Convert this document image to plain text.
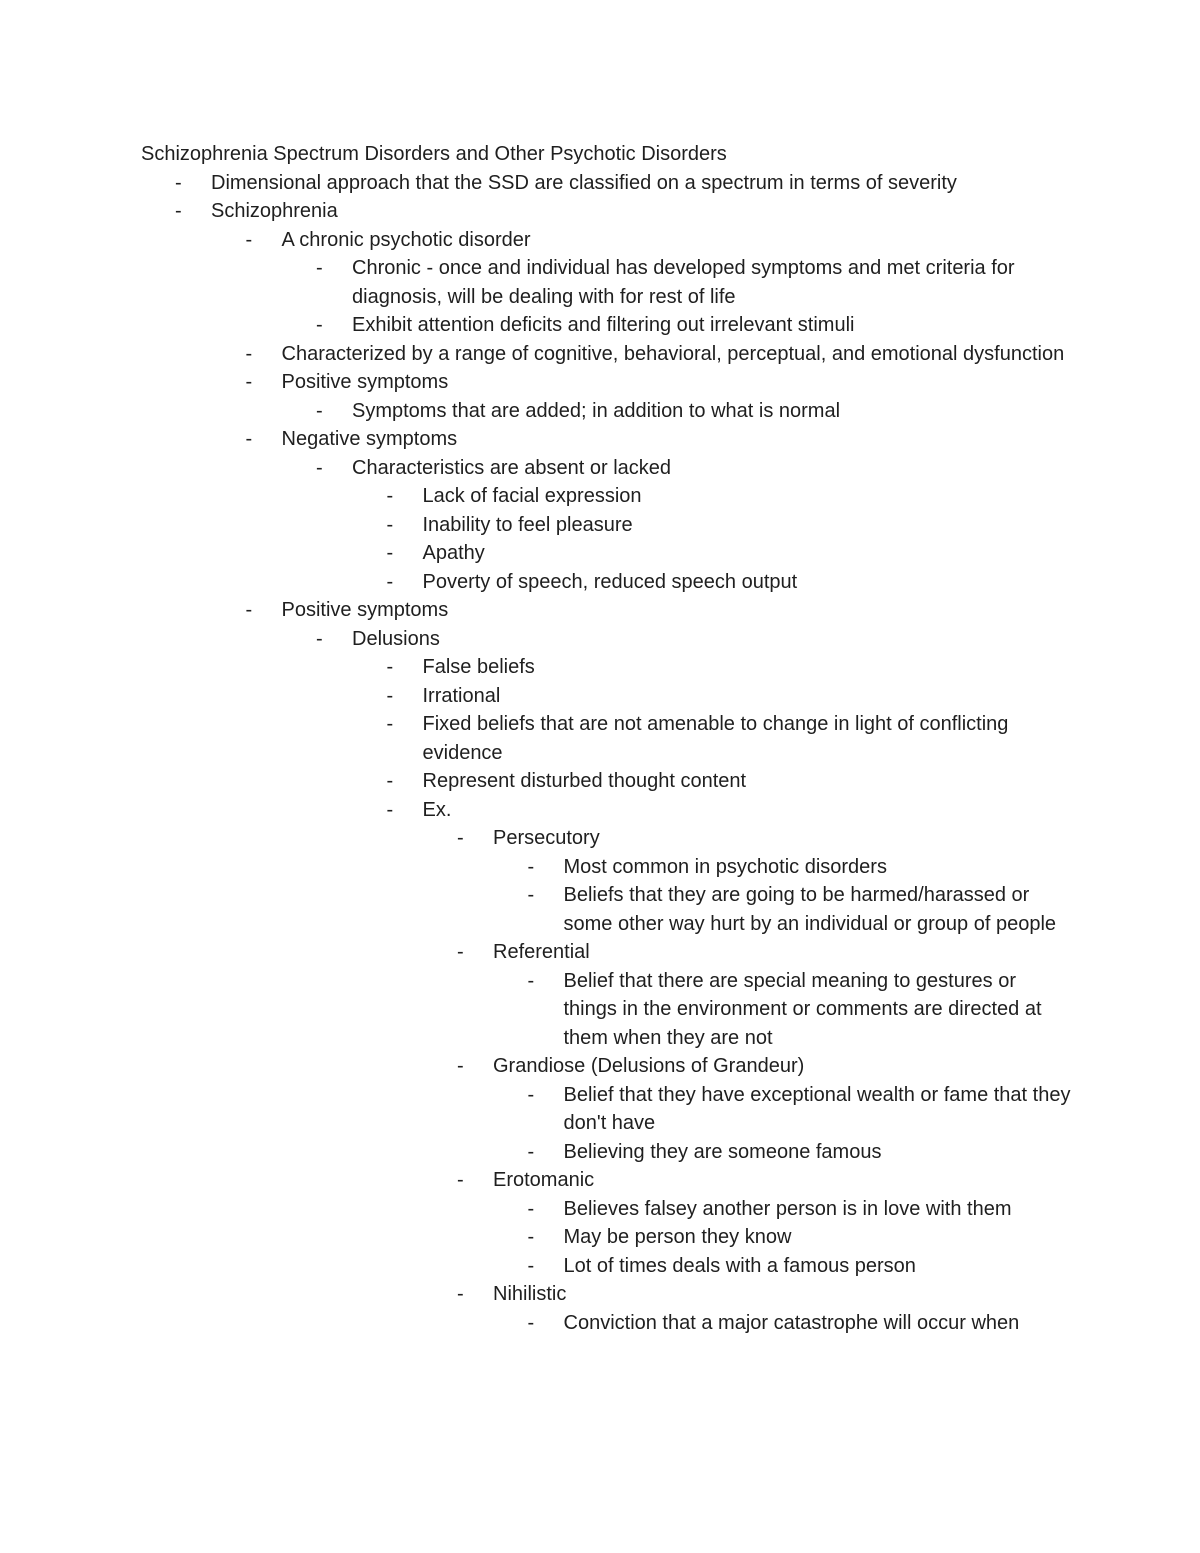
Schizophrenia Spectrum Disorders and Other Psychotic Disorders
-	Dimensional approach that the SSD are classified on a spectrum in terms of severity
-	Schizophrenia
-	A chronic psychotic disorder
-	Chronic - once and individual has developed symptoms and met criteria for diagnosis, will be dealing with for rest of life
-	Exhibit attention deficits and filtering out irrelevant stimuli
-	Characterized by a range of cognitive, behavioral, perceptual, and emotional dysfunction
-	Positive symptoms
-	Symptoms that are added; in addition to what is normal
-	Negative symptoms
-	Characteristics are absent or lacked
-	Lack of facial expression
-	Inability to feel pleasure
-	Apathy
-	Poverty of speech, reduced speech output
-	Positive symptoms
-	Delusions
-	False beliefs
-	Irrational
-	Fixed beliefs that are not amenable to change in light of conflicting evidence
-	Represent disturbed thought content
-	Ex.
-	Persecutory
-	Most common in psychotic disorders
-	Beliefs that they are going to be harmed/harassed or some other way hurt by an individual or group of people
-	Referential
-	Belief that there are special meaning to gestures or things in the environment or comments are directed at them when they are not
-	Grandiose (Delusions of Grandeur)
-	Belief that they have exceptional wealth or fame that they don't have
-	Believing they are someone famous
-	Erotomanic
-	Believes falsey another person is in love with them
-	May be person they know
-	Lot of times deals with a famous person
-	Nihilistic
-	Conviction that a major catastrophe will occur when
